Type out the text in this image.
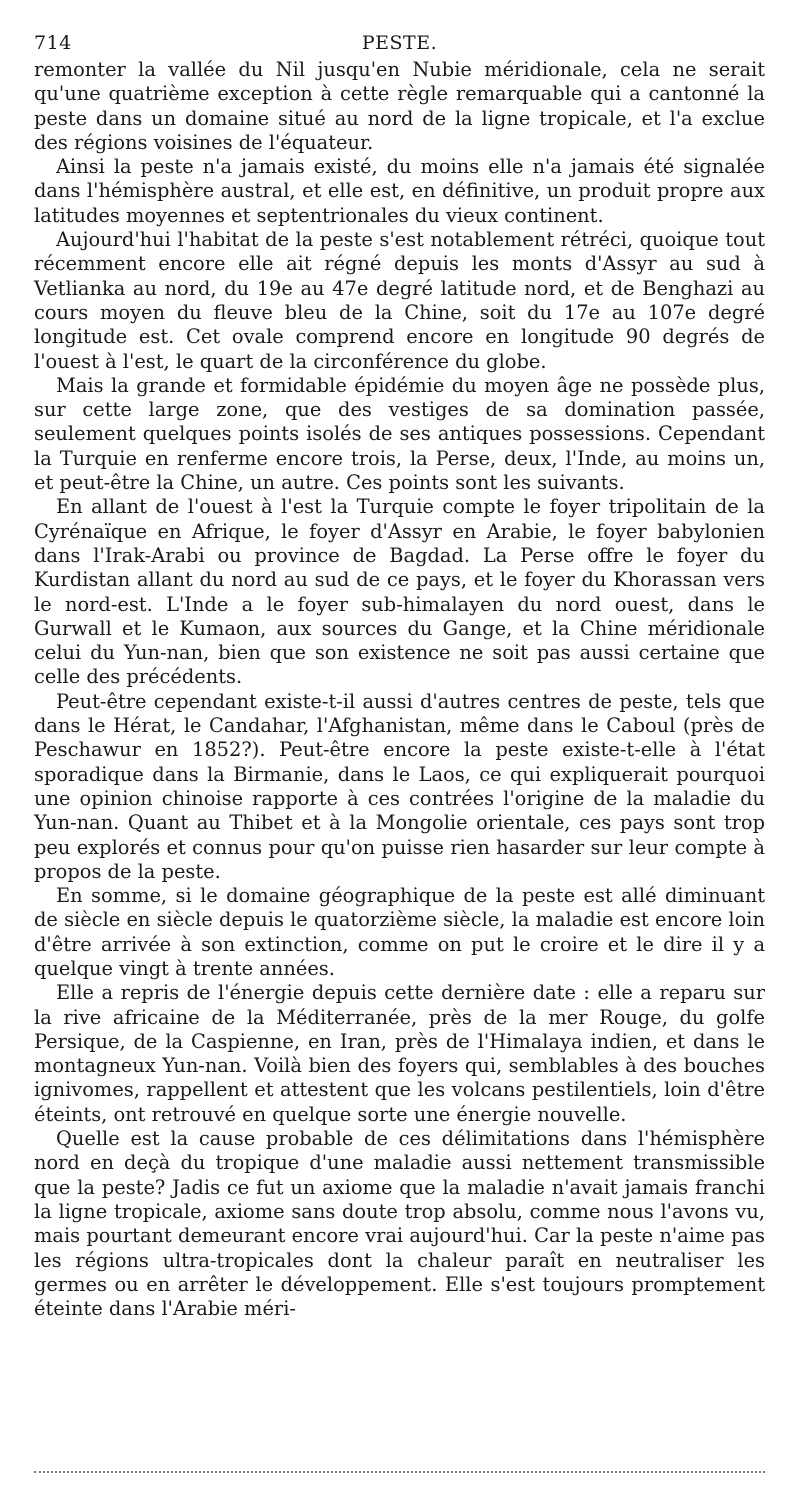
714	PESTE.

remonter la vallée du Nil jusqu'en Nubie méridionale, cela ne serait qu'une quatrième exception à cette règle remarquable qui a cantonné la peste dans un domaine situé au nord de la ligne tropicale, et l'a exclue des régions voisines de l'équateur.

Ainsi la peste n'a jamais existé, du moins elle n'a jamais été signalée dans l'hémisphère austral, et elle est, en définitive, un produit propre aux latitudes moyennes et septentrionales du vieux continent.

Aujourd'hui l'habitat de la peste s'est notablement rétréci, quoique tout récemment encore elle ait régné depuis les monts d'Assyr au sud à Vetlianka au nord, du 19e au 47e degré latitude nord, et de Benghazi au cours moyen du fleuve bleu de la Chine, soit du 17e au 107e degré longitude est. Cet ovale comprend encore en longitude 90 degrés de l'ouest à l'est, le quart de la circonférence du globe.

Mais la grande et formidable épidémie du moyen âge ne possède plus, sur cette large zone, que des vestiges de sa domination passée, seulement quelques points isolés de ses antiques possessions. Cependant la Turquie en renferme encore trois, la Perse, deux, l'Inde, au moins un, et peut-être la Chine, un autre. Ces points sont les suivants.

En allant de l'ouest à l'est la Turquie compte le foyer tripolitain de la Cyrénaïque en Afrique, le foyer d'Assyr en Arabie, le foyer babylonien dans l'Irak-Arabi ou province de Bagdad. La Perse offre le foyer du Kurdistan allant du nord au sud de ce pays, et le foyer du Khorassan vers le nord-est. L'Inde a le foyer sub-himalayen du nord ouest, dans le Gurwall et le Kumaon, aux sources du Gange, et la Chine méridionale celui du Yun-nan, bien que son existence ne soit pas aussi certaine que celle des précédents.

Peut-être cependant existe-t-il aussi d'autres centres de peste, tels que dans le Hérat, le Candahar, l'Afghanistan, même dans le Caboul (près de Peschawur en 1852?). Peut-être encore la peste existe-t-elle à l'état sporadique dans la Birmanie, dans le Laos, ce qui expliquerait pourquoi une opinion chinoise rapporte à ces contrées l'origine de la maladie du Yun-nan. Quant au Thibet et à la Mongolie orientale, ces pays sont trop peu explorés et connus pour qu'on puisse rien hasarder sur leur compte à propos de la peste.

En somme, si le domaine géographique de la peste est allé diminuant de siècle en siècle depuis le quatorzième siècle, la maladie est encore loin d'être arrivée à son extinction, comme on put le croire et le dire il y a quelque vingt à trente années.

Elle a repris de l'énergie depuis cette dernière date : elle a reparu sur la rive africaine de la Méditerranée, près de la mer Rouge, du golfe Persique, de la Caspienne, en Iran, près de l'Himalaya indien, et dans le montagneux Yun-nan. Voilà bien des foyers qui, semblables à des bouches ignivomes, rappellent et attestent que les volcans pestilentiels, loin d'être éteints, ont retrouvé en quelque sorte une énergie nouvelle.

Quelle est la cause probable de ces délimitations dans l'hémisphère nord en deçà du tropique d'une maladie aussi nettement transmissible que la peste? Jadis ce fut un axiome que la maladie n'avait jamais franchi la ligne tropicale, axiome sans doute trop absolu, comme nous l'avons vu, mais pourtant demeurant encore vrai aujourd'hui. Car la peste n'aime pas les régions ultra-tropicales dont la chaleur paraît en neutraliser les germes ou en arrêter le développement. Elle s'est toujours promptement éteinte dans l'Arabie méri-
